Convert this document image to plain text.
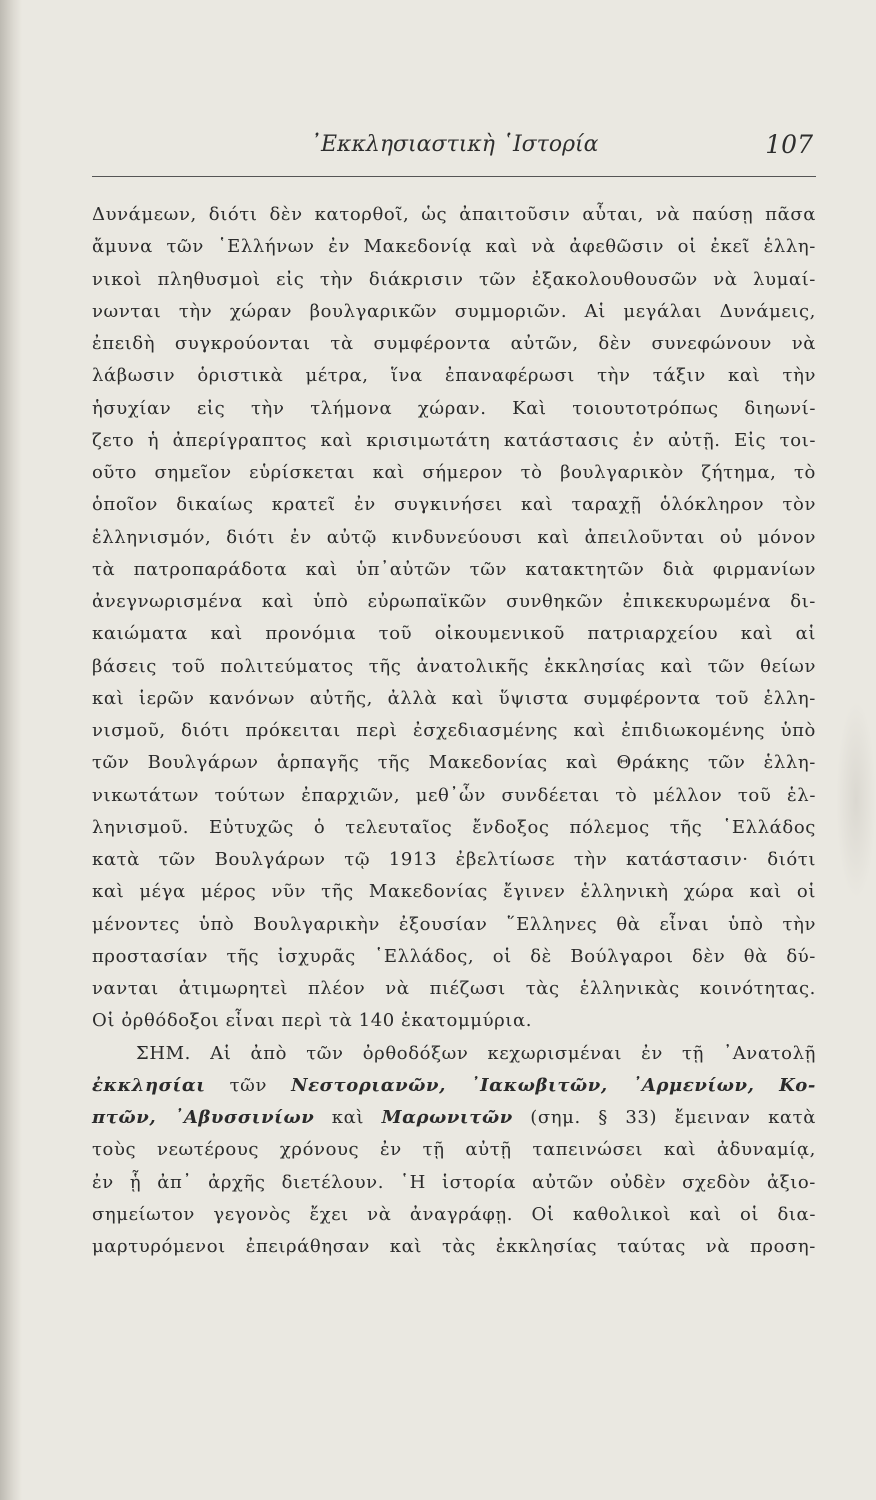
᾿Εκκλησιαστικὴ ῾Ιστορία	107
Δυνάμεων, διότι δὲν κατορθοῖ, ὡς ἀπαιτοῦσιν αὗται, νὰ παύσῃ πᾶσα
ἄμυνα τῶν ῾Ελλήνων ἐν Μακεδονίᾳ καὶ νὰ ἀφεθῶσιν οἱ ἐκεῖ ἑλλη-
νικοὶ πληθυσμοὶ εἰς τὴν διάκρισιν τῶν ἐξακολουθουσῶν νὰ λυμαί-
νωνται τὴν χώραν βουλγαρικῶν συμμοριῶν. Αἱ μεγάλαι Δυνάμεις,
ἐπειδὴ συγκρούονται τὰ συμφέροντα αὐτῶν, δὲν συνεφώνουν νὰ
λάβωσιν ὁριστικὰ μέτρα, ἵνα ἐπαναφέρωσι τὴν τάξιν καὶ τὴν
ἡσυχίαν εἰς τὴν τλήμονα χώραν. Καὶ τοιουτοτρόπως διηωνί-
ζετο ἡ ἀπερίγραπτος καὶ κρισιμωτάτη κατάστασις ἐν αὐτῇ. Εἰς τοι-
οῦτο σημεῖον εὑρίσκεται καὶ σήμερον τὸ βουλγαρικὸν ζήτημα, τὸ
ὁποῖον δικαίως κρατεῖ ἐν συγκινήσει καὶ ταραχῇ ὁλόκληρον τὸν
ἑλληνισμόν, διότι ἐν αὐτῷ κινδυνεύουσι καὶ ἀπειλοῦνται οὐ μόνον
τὰ πατροπαράδοτα καὶ ὑπ᾿αὐτῶν τῶν κατακτητῶν διὰ φιρμανίων
ἀνεγνωρισμένα καὶ ὑπὸ εὐρωπαϊκῶν συνθηκῶν ἐπικεκυρωμένα δι-
καιώματα καὶ προνόμια τοῦ οἰκουμενικοῦ πατριαρχείου καὶ αἱ
βάσεις τοῦ πολιτεύματος τῆς ἀνατολικῆς ἐκκλησίας καὶ τῶν θείων
καὶ ἱερῶν κανόνων αὐτῆς, ἀλλὰ καὶ ὕψιστα συμφέροντα τοῦ ἑλλη-
νισμοῦ, διότι πρόκειται περὶ ἐσχεδιασμένης καὶ ἐπιδιωκομένης ὑπὸ
τῶν Βουλγάρων ἁρπαγῆς τῆς Μακεδονίας καὶ Θράκης τῶν ἑλλη-
νικωτάτων τούτων ἐπαρχιῶν, μεθ᾿ὧν συνδέεται τὸ μέλλον τοῦ ἑλ-
ληνισμοῦ. Εὐτυχῶς ὁ τελευταῖος ἔνδοξος πόλεμος τῆς ῾Ελλάδος
κατὰ τῶν Βουλγάρων τῷ 1913 ἐβελτίωσε τὴν κατάστασιν· διότι
καὶ μέγα μέρος νῦν τῆς Μακεδονίας ἔγινεν ἑλληνικὴ χώρα καὶ οἱ
μένοντες ὑπὸ Βουλγαρικὴν ἐξουσίαν ῞Ελληνες θὰ εἶναι ὑπὸ τὴν
προστασίαν τῆς ἰσχυρᾶς ῾Ελλάδος, οἱ δὲ Βούλγαροι δὲν θὰ δύ-
νανται ἀτιμωρητεὶ πλέον νὰ πιέζωσι τὰς ἑλληνικὰς κοινότητας.
Οἱ ὀρθόδοξοι εἶναι περὶ τὰ 140 ἑκατομμύρια.
ΣΗΜ. Αἱ ἀπὸ τῶν ὀρθοδόξων κεχωρισμέναι ἐν τῇ ᾿Ανατολῇ
ἐκκλησίαι τῶν Νεστοριανῶν, ᾿Ιακωβιτῶν, ᾿Αρμενίων, Κο-
πτῶν, ᾿Αβυσσινίων καὶ Μαρωνιτῶν (σημ. § 33) ἔμειναν κατὰ
τοὺς νεωτέρους χρόνους ἐν τῇ αὐτῇ ταπεινώσει καὶ ἀδυναμίᾳ,
ἐν ᾗ ἀπ᾿ ἀρχῆς διετέλουν. ῾Η ἱστορία αὐτῶν οὐδὲν σχεδὸν ἀξιο-
σημείωτον γεγονὸς ἔχει νὰ ἀναγράφῃ. Οἱ καθολικοὶ καὶ οἱ δια-
μαρτυρόμενοι ἐπειράθησαν καὶ τὰς ἐκκλησίας ταύτας νὰ προση-
